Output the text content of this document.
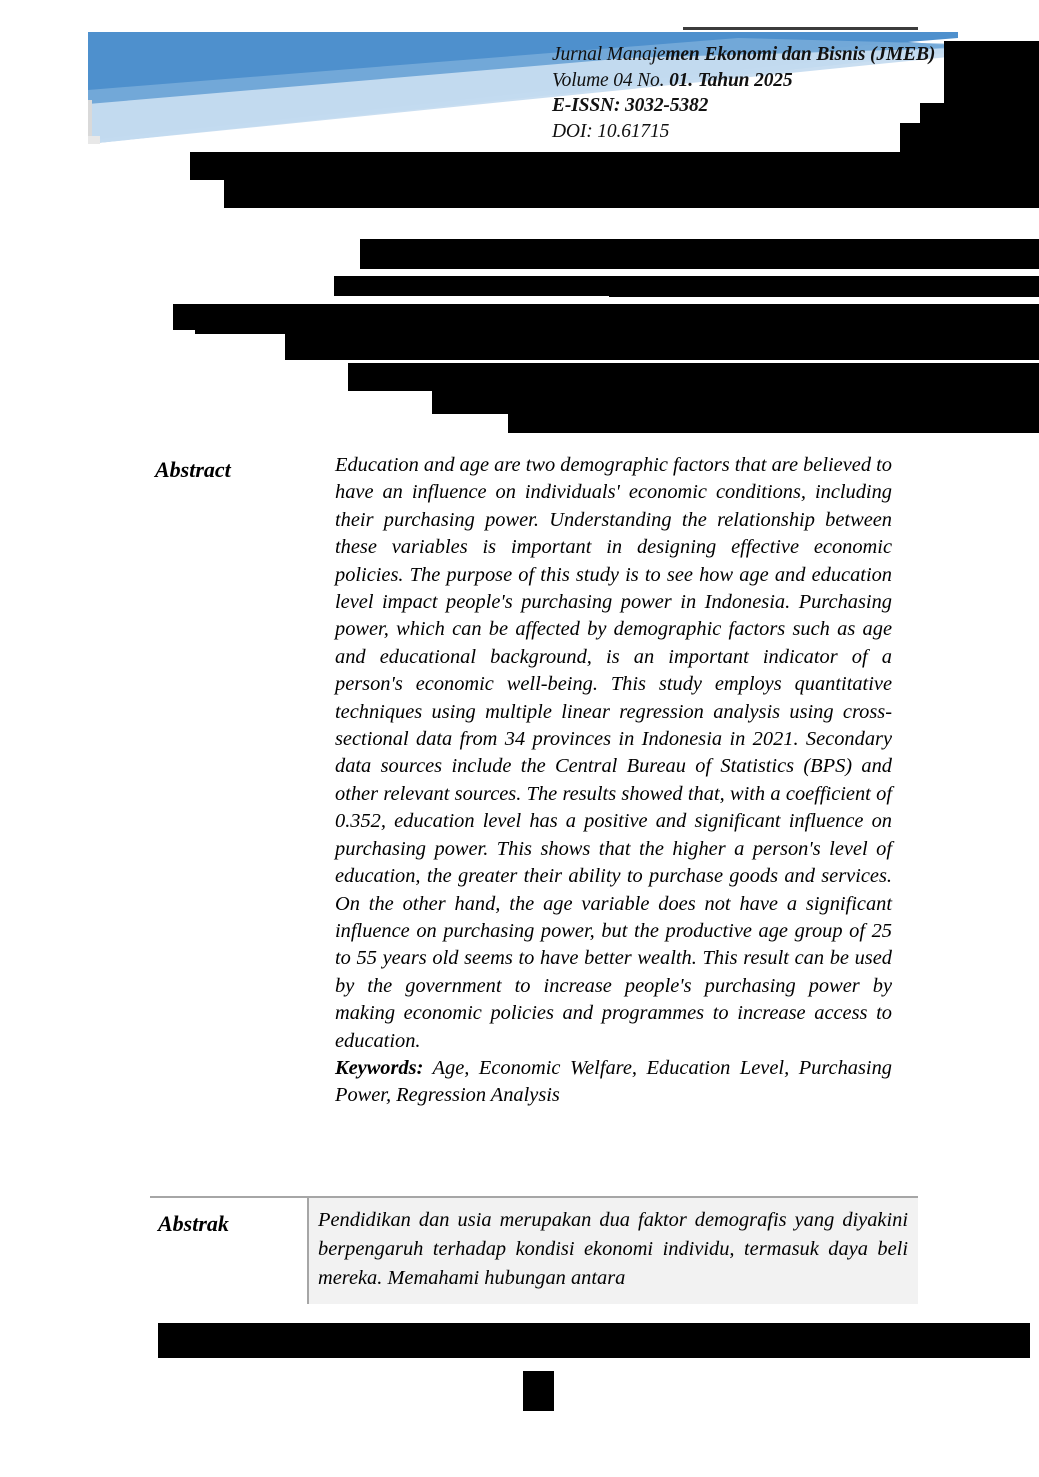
Jurnal Manajemen Ekonomi dan Bisnis (JMEB)
Volume 04 No. 01. Tahun 2025
E-ISSN: 3032-5382
DOI: 10.61715
Abstract	Education and age are two demographic factors that are believed to have an influence on individuals' economic conditions, including their purchasing power. Understanding the relationship between these variables is important in designing effective economic policies. The purpose of this study is to see how age and education level impact people's purchasing power in Indonesia. Purchasing power, which can be affected by demographic factors such as age and educational background, is an important indicator of a person's economic well-being. This study employs quantitative techniques using multiple linear regression analysis using cross-sectional data from 34 provinces in Indonesia in 2021. Secondary data sources include the Central Bureau of Statistics (BPS) and other relevant sources. The results showed that, with a coefficient of 0.352, education level has a positive and significant influence on purchasing power. This shows that the higher a person's level of education, the greater their ability to purchase goods and services. On the other hand, the age variable does not have a significant influence on purchasing power, but the productive age group of 25 to 55 years old seems to have better wealth. This result can be used by the government to increase people's purchasing power by making economic policies and programmes to increase access to education.
Keywords: Age, Economic Welfare, Education Level, Purchasing Power, Regression Analysis
Abstrak	Pendidikan dan usia merupakan dua faktor demografis yang diyakini berpengaruh terhadap kondisi ekonomi individu, termasuk daya beli mereka. Memahami hubungan antara
